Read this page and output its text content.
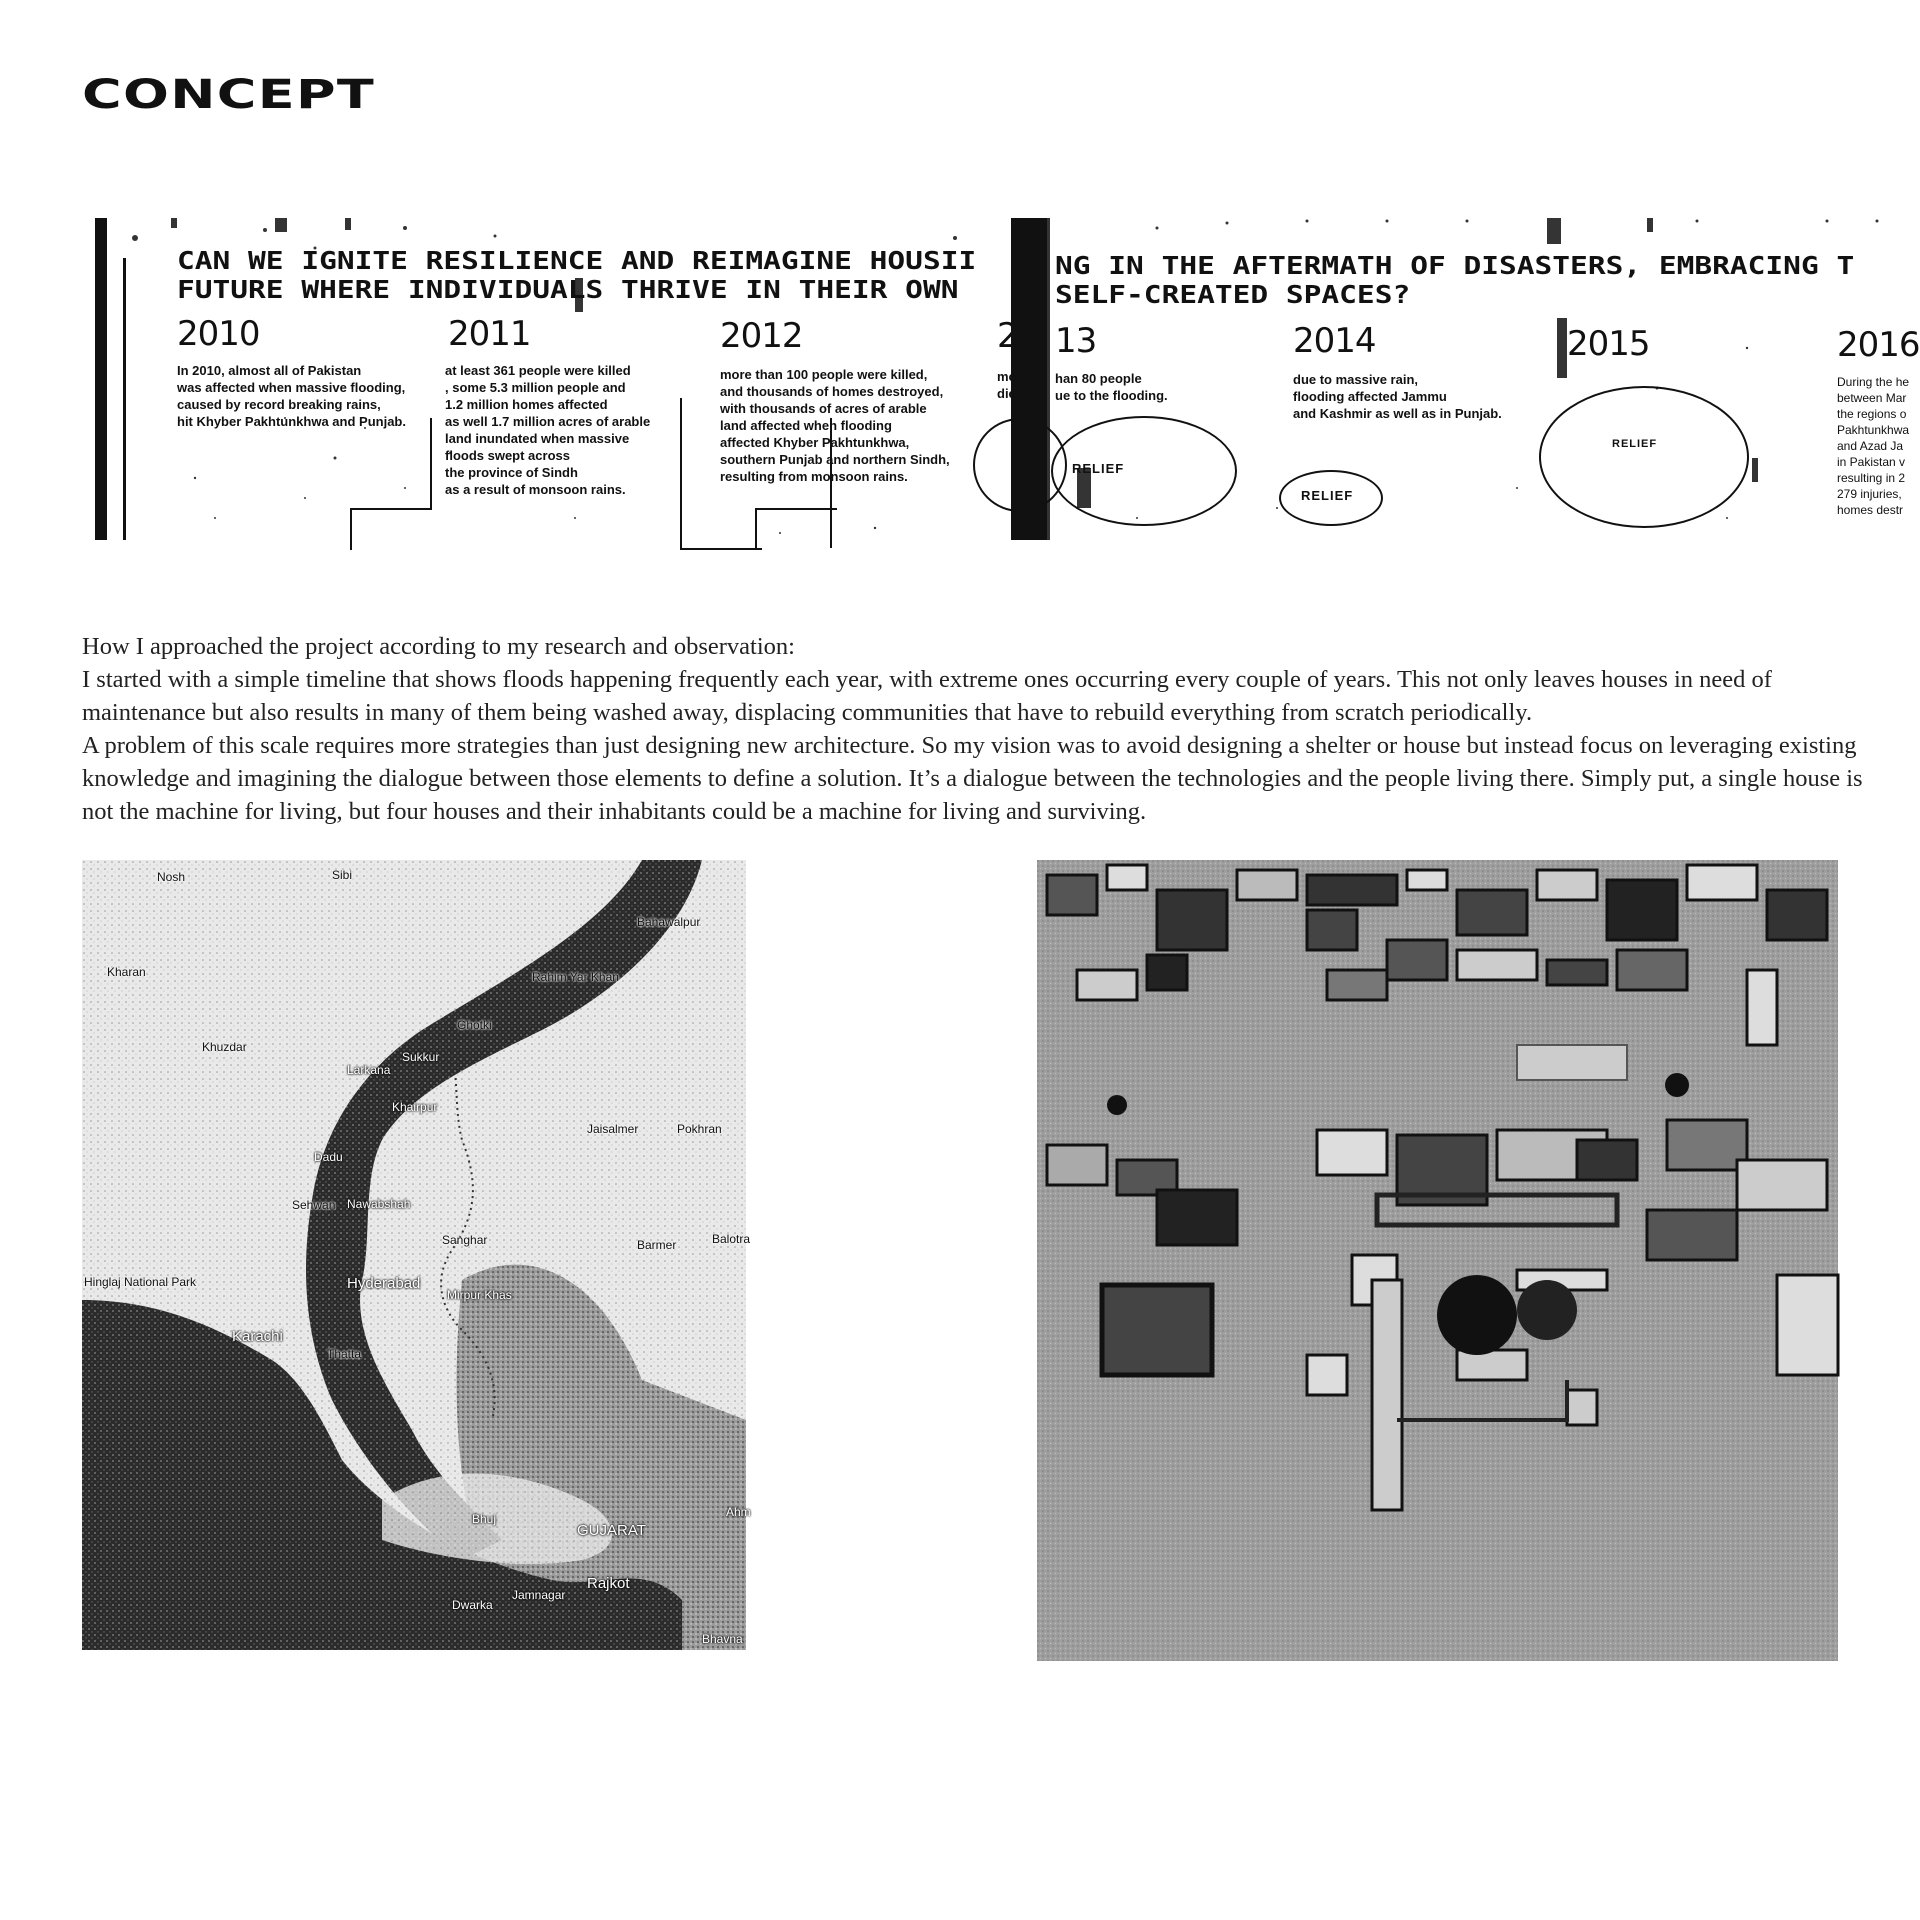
CONCEPT
CAN WE IGNITE RESILIENCE AND REIMAGINE HOUSII
FUTURE WHERE INDIVIDUALS THRIVE IN THEIR OWN
2010
In 2010, almost all of Pakistan
was affected when massive flooding,
caused by record breaking rains,
hit Khyber Pakhtunkhwa and Punjab.
2011
at least 361 people were killed
, some 5.3 million people and
1.2 million homes affected
as well 1.7 million acres of arable
land inundated when massive
floods swept across
the province of Sindh
as a result of monsoon rains.
2012
more than 100 people were killed,
and thousands of homes destroyed,
with thousands of acres of arable
land affected when flooding
affected Khyber Pakhtunkhwa,
southern Punjab and northern Sindh,
resulting from monsoon rains.
20
more
died
NG IN THE AFTERMATH OF DISASTERS, EMBRACING T
SELF-CREATED SPACES?
13
han 80 people
ue to the flooding.
2014
due to massive rain,
flooding affected Jammu
and Kashmir as well as in Punjab.
2015	2016
During the he
between Mar
the regions o
Pakhtunkhwa
and Azad Ja
in Pakistan v
resulting in 2
279 injuries,
homes destr
RELIEF
RELIEF
RELIEF

How I approached the project according to my research and observation:

I started with a simple timeline that shows floods happening frequently each year, with extreme ones occurring every couple of years. This not only leaves houses in need of maintenance but also results in many of them being washed away, displacing communities that have to rebuild everything from scratch periodically.

A problem of this scale requires more strategies than just designing new architecture. So my vision was to avoid designing a shelter or house but instead focus on leveraging existing knowledge and imagining the dialogue between those elements to define a solution. It’s a dialogue between the technologies and the people living there. Simply put, a single house is not the machine for living, but four houses and their inhabitants could be a machine for living and surviving.

Bahawalpur
Rahim Yar Khan
Ghotki
Sukkur
Larkana
Khairpur
Khuzdar
Kharan
Jaisalmer	Pokhran
Dadu
Sehwan Nawabshah
Sanghar	Barmer	Balotra
Hinglaj National Park	Hyderabad
Mirpur Khas
Karachi
Thatta
Bhuj
GUJARAT
Jamnagar
Rajkot
Dwarka
Bhavna
Ahm
Nosh	Sibi
